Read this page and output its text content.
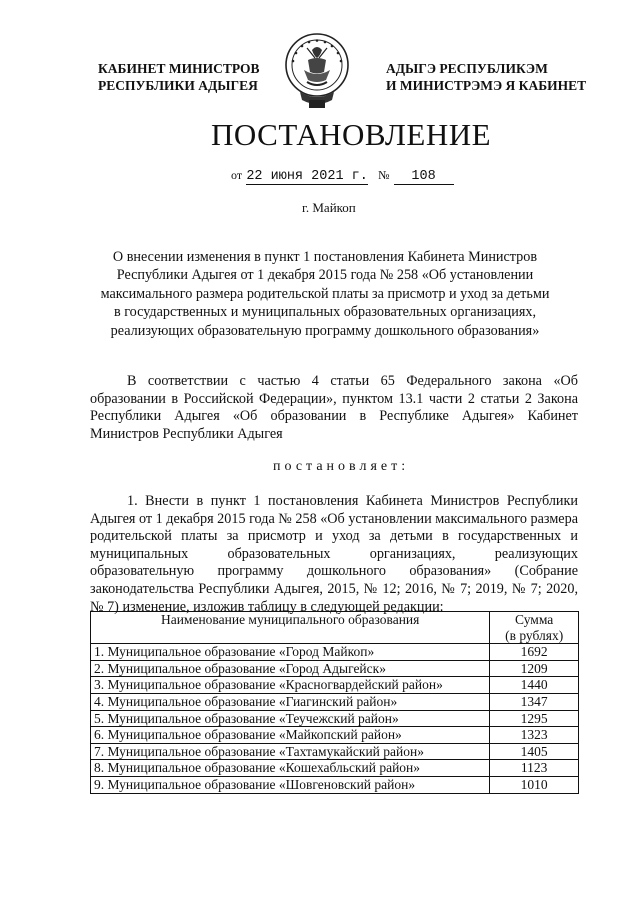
КАБИНЕТ МИНИСТРОВ
РЕСПУБЛИКИ АДЫГЕЯ
АДЫГЭ РЕСПУБЛИКЭМ
И МИНИСТРЭМЭ Я КАБИНЕТ
ПОСТАНОВЛЕНИЕ
от 22 июня 2021 г. № 108
г. Майкоп
О внесении изменения в пункт 1 постановления Кабинета Министров
Республики Адыгея от 1 декабря 2015 года № 258 «Об установлении
максимального размера родительской платы за присмотр и уход за детьми
в государственных и муниципальных образовательных организациях,
реализующих образовательную программу дошкольного образования»
В соответствии с частью 4 статьи 65 Федерального закона «Об образовании в Российской Федерации», пунктом 13.1 части 2 статьи 2 Закона Республики Адыгея «Об образовании в Республике Адыгея» Кабинет Министров Республики Адыгея
постановляет:
1. Внести в пункт 1 постановления Кабинета Министров Республики Адыгея от 1 декабря 2015 года № 258 «Об установлении максимального размера родительской платы за присмотр и уход за детьми в государственных и муниципальных образовательных организациях, реализующих образовательную программу дошкольного образования» (Собрание законодательства Республики Адыгея, 2015, № 12; 2016, № 7; 2019, № 7; 2020, № 7) изменение, изложив таблицу в следующей редакции:
Наименование муниципального образования	Сумма
(в рублях)

1. Муниципальное образование «Город Майкоп»	1692
2. Муниципальное образование «Город Адыгейск»	1209
3. Муниципальное образование «Красногвардейский район»	1440
4. Муниципальное образование «Гиагинский район»	1347
5. Муниципальное образование «Теучежский район»	1295
6. Муниципальное образование «Майкопский район»	1323
7. Муниципальное образование «Тахтамукайский район»	1405
8. Муниципальное образование «Кошехабльский район»	1123
9. Муниципальное образование «Шовгеновский район»	1010
